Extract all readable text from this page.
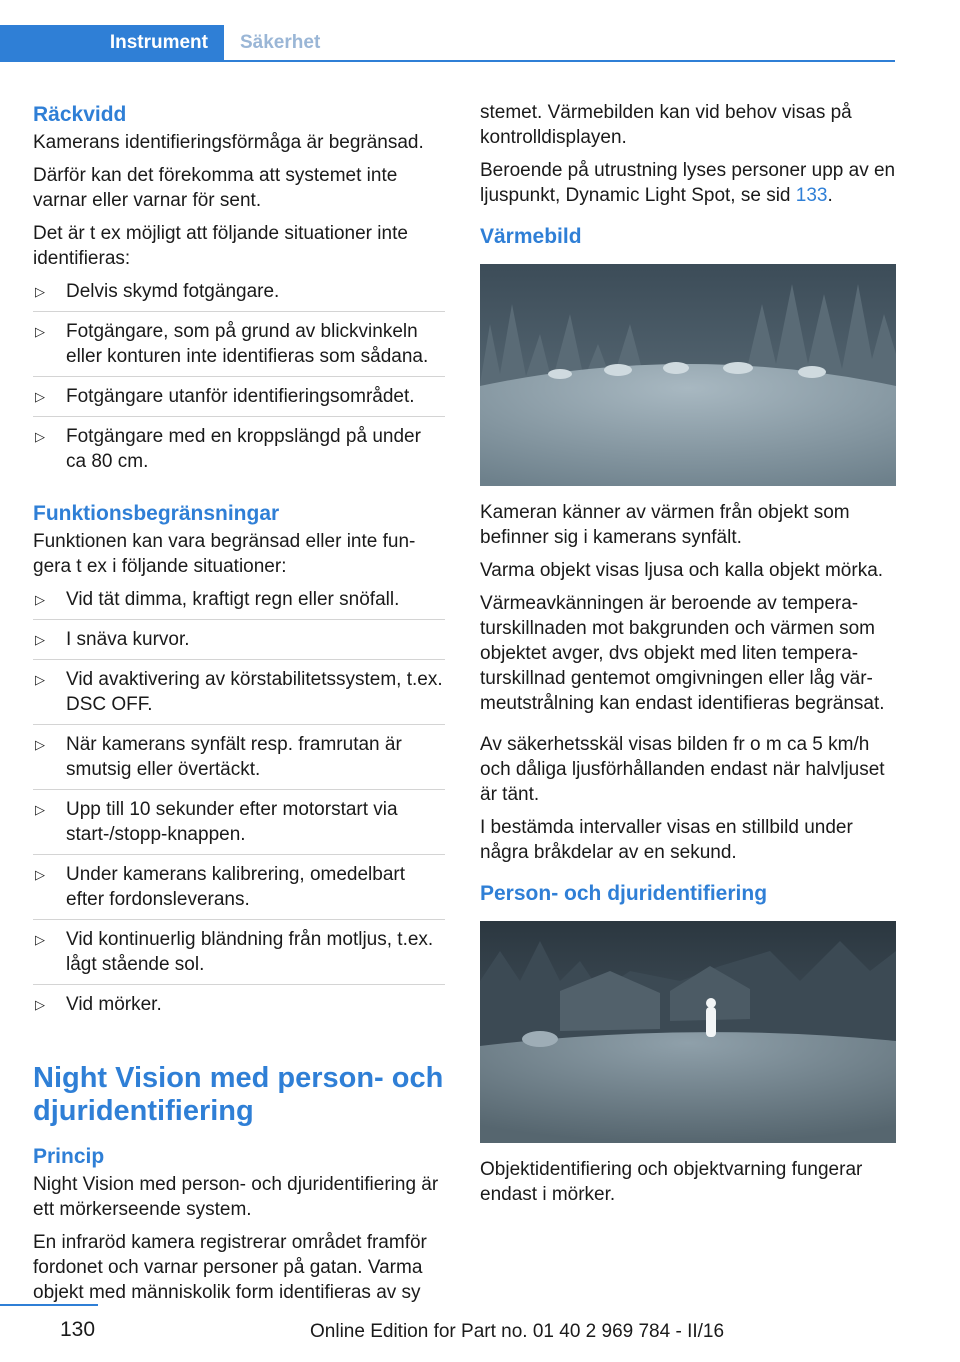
Instrument Säkerhet
Räckvidd

Kamerans identifieringsförmåga är begränsad.

Därför kan det förekomma att systemet inte varnar eller varnar för sent.

Det är t ex möjligt att följande situationer inte identifieras:

▷ Delvis skymd fotgängare.
▷ Fotgängare, som på grund av blickvinkeln eller konturen inte identifieras som sådana.
▷ Fotgängare utanför identifieringsområdet.
▷ Fotgängare med en kroppslängd på under ca 80 cm.
Funktionsbegränsningar

Funktionen kan vara begränsad eller inte fungera t ex i följande situationer:

▷ Vid tät dimma, kraftigt regn eller snöfall.
▷ I snäva kurvor.
▷ Vid avaktivering av körstabilitetssystem, t.ex. DSC OFF.
▷ När kamerans synfält resp. framrutan är smutsig eller övertäckt.
▷ Upp till 10 sekunder efter motorstart via start-/stopp-knappen.
▷ Under kamerans kalibrering, omedelbart efter fordonsleverans.
▷ Vid kontinuerlig bländning från motljus, t.ex. lågt stående sol.
▷ Vid mörker.
Night Vision med person- och djuridentifiering
Princip

Night Vision med person- och djuridentifiering är ett mörkerseende system.

En infraröd kamera registrerar området framför fordonet och varnar personer på gatan. Varma objekt med människolik form identifieras av sy

stemet. Värmebilden kan vid behov visas på kontrolldisplayen.

Beroende på utrustning lyses personer upp av en ljuspunkt, Dynamic Light Spot, se sid 133.

Värmebild

Kameran känner av värmen från objekt som befinner sig i kamerans synfält.

Varma objekt visas ljusa och kalla objekt mörka.

Värmeavkänningen är beroende av temperaturskillnaden mot bakgrunden och värmen som objektet avger, dvs objekt med liten temperaturskillnad gentemot omgivningen eller låg värmeutstrålning kan endast identifieras begränsat.

Av säkerhetsskäl visas bilden fr o m ca 5 km/h och dåliga ljusförhållanden endast när halvljuset är tänt.

I bestämda intervaller visas en stillbild under några bråkdelar av en sekund.

Person- och djuridentifiering

Objektidentifiering och objektvarning fungerar endast i mörker.

130	Online Edition for Part no. 01 40 2 969 784 - II/16
